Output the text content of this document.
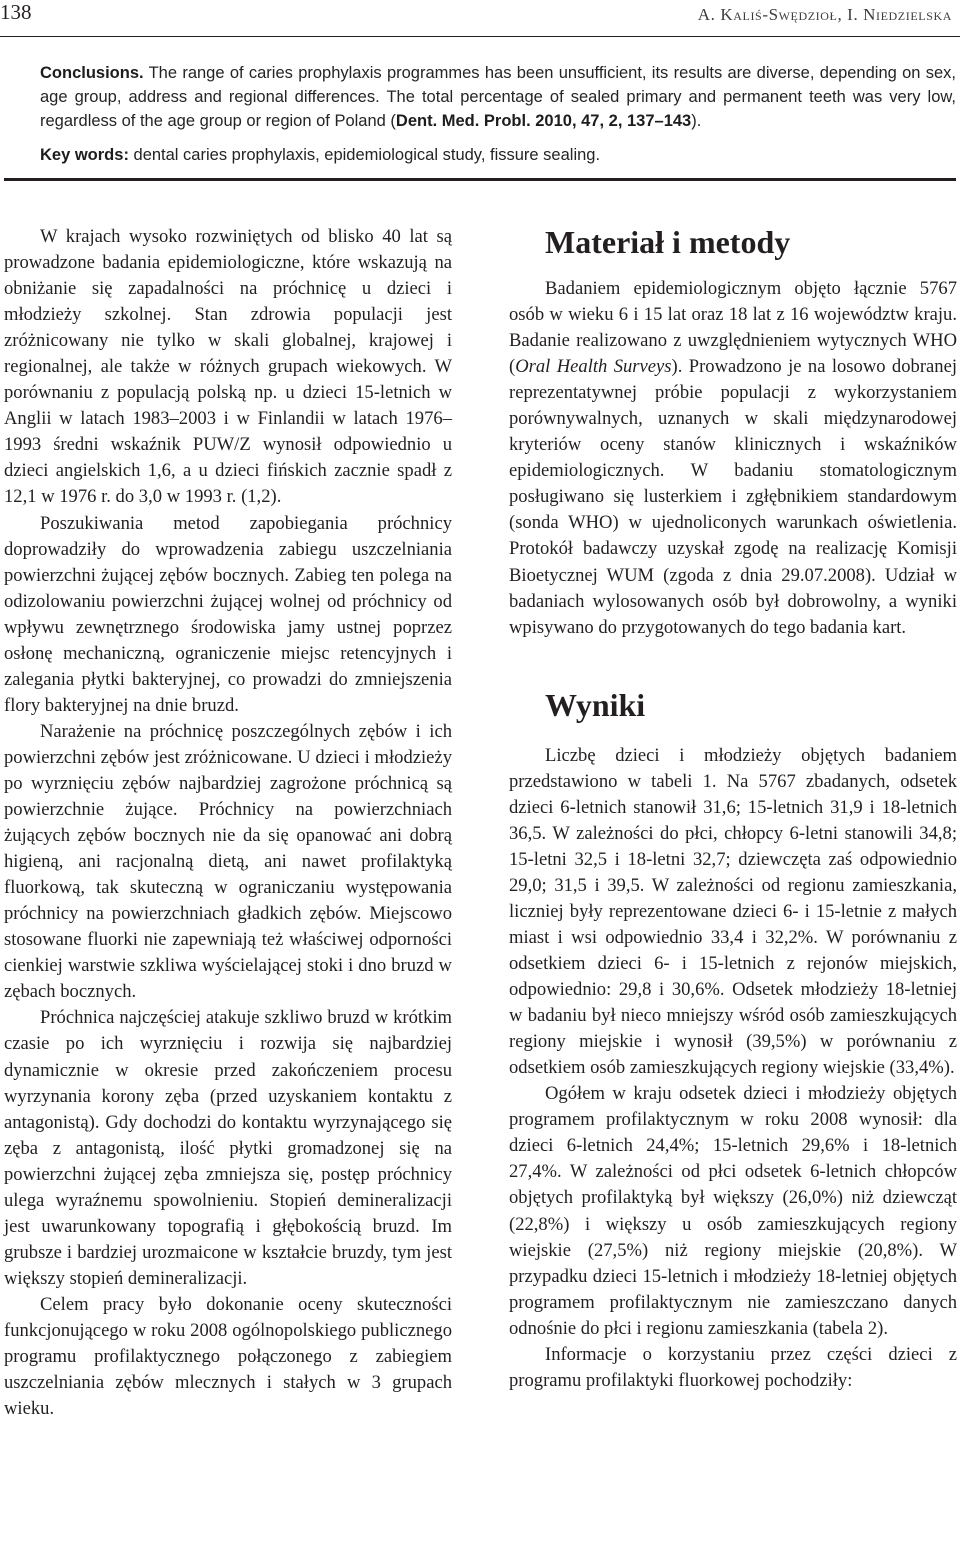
138	A. Kaliś-Swędzioł, I. Niedzielska

Conclusions. The range of caries prophylaxis programmes has been unsufficient, its results are diverse, depending on sex, age group, address and regional differences. The total percentage of sealed primary and permanent teeth was very low, regardless of the age group or region of Poland (Dent. Med. Probl. 2010, 47, 2, 137–143).

Key words: dental caries prophylaxis, epidemiological study, fissure sealing.

W krajach wysoko rozwiniętych od blisko 40 lat są prowadzone badania epidemiologiczne, które wskazują na obniżanie się zapadalności na próchnicę u dzieci i młodzieży szkolnej. Stan zdrowia populacji jest zróżnicowany nie tylko w skali globalnej, krajowej i regionalnej, ale także w różnych grupach wiekowych. W porównaniu z populacją polską np. u dzieci 15-letnich w Anglii w latach 1983–2003 i w Finlandii w latach 1976–1993 średni wskaźnik PUW/Z wynosił odpowiednio u dzieci angielskich 1,6, a u dzieci fińskich zacznie spadł z 12,1 w 1976 r. do 3,0 w 1993 r. (1,2).

Poszukiwania metod zapobiegania próchnicy doprowadziły do wprowadzenia zabiegu uszczelniania powierzchni żującej zębów bocznych. Zabieg ten polega na odizolowaniu powierzchni żującej wolnej od próchnicy od wpływu zewnętrznego środowiska jamy ustnej poprzez osłonę mechaniczną, ograniczenie miejsc retencyjnych i zalegania płytki bakteryjnej, co prowadzi do zmniejszenia flory bakteryjnej na dnie bruzd.

Narażenie na próchnicę poszczególnych zębów i ich powierzchni zębów jest zróżnicowane. U dzieci i młodzieży po wyrznięciu zębów najbardziej zagrożone próchnicą są powierzchnie żujące. Próchnicy na powierzchniach żujących zębów bocznych nie da się opanować ani dobrą higieną, ani racjonalną dietą, ani nawet profilaktyką fluorkową, tak skuteczną w ograniczaniu występowania próchnicy na powierzchniach gładkich zębów. Miejscowo stosowane fluorki nie zapewniają też właściwej odporności cienkiej warstwie szkliwa wyścielającej stoki i dno bruzd w zębach bocznych.

Próchnica najczęściej atakuje szkliwo bruzd w krótkim czasie po ich wyrznięciu i rozwija się najbardziej dynamicznie w okresie przed zakończeniem procesu wyrzynania korony zęba (przed uzyskaniem kontaktu z antagonistą). Gdy dochodzi do kontaktu wyrzynającego się zęba z antagonistą, ilość płytki gromadzonej się na powierzchni żującej zęba zmniejsza się, postęp próchnicy ulega wyraźnemu spowolnieniu. Stopień demineralizacji jest uwarunkowany topografią i głębokością bruzd. Im grubsze i bardziej urozmaicone w kształcie bruzdy, tym jest większy stopień demineralizacji.

Celem pracy było dokonanie oceny skuteczności funkcjonującego w roku 2008 ogólnopolskiego publicznego programu profilaktycznego połączonego z zabiegiem uszczelniania zębów mlecznych i stałych w 3 grupach wieku.

Materiał i metody

Badaniem epidemiologicznym objęto łącznie 5767 osób w wieku 6 i 15 lat oraz 18 lat z 16 województw kraju. Badanie realizowano z uwzględnieniem wytycznych WHO (Oral Health Surveys). Prowadzono je na losowo dobranej reprezentatywnej próbie populacji z wykorzystaniem porównywalnych, uznanych w skali międzynarodowej kryteriów oceny stanów klinicznych i wskaźników epidemiologicznych. W badaniu stomatologicznym posługiwano się lusterkiem i zgłębnikiem standardowym (sonda WHO) w ujednoliconych warunkach oświetlenia. Protokół badawczy uzyskał zgodę na realizację Komisji Bioetycznej WUM (zgoda z dnia 29.07.2008). Udział w badaniach wylosowanych osób był dobrowolny, a wyniki wpisywano do przygotowanych do tego badania kart.

Wyniki

Liczbę dzieci i młodzieży objętych badaniem przedstawiono w tabeli 1. Na 5767 zbadanych, odsetek dzieci 6-letnich stanowił 31,6; 15-letnich 31,9 i 18-letnich 36,5. W zależności do płci, chłopcy 6-letni stanowili 34,8; 15-letni 32,5 i 18-letni 32,7; dziewczęta zaś odpowiednio 29,0; 31,5 i 39,5. W zależności od regionu zamieszkania, liczniej były reprezentowane dzieci 6- i 15-letnie z małych miast i wsi odpowiednio 33,4 i 32,2%. W porównaniu z odsetkiem dzieci 6- i 15-letnich z rejonów miejskich, odpowiednio: 29,8 i 30,6%. Odsetek młodzieży 18-letniej w badaniu był nieco mniejszy wśród osób zamieszkujących regiony miejskie i wynosił (39,5%) w porównaniu z odsetkiem osób zamieszkujących regiony wiejskie (33,4%).

Ogółem w kraju odsetek dzieci i młodzieży objętych programem profilaktycznym w roku 2008 wynosił: dla dzieci 6-letnich 24,4%; 15-letnich 29,6% i 18-letnich 27,4%. W zależności od płci odsetek 6-letnich chłopców objętych profilaktyką był większy (26,0%) niż dziewcząt (22,8%) i większy u osób zamieszkujących regiony wiejskie (27,5%) niż regiony miejskie (20,8%). W przypadku dzieci 15-letnich i młodzieży 18-letniej objętych programem profilaktycznym nie zamieszczano danych odnośnie do płci i regionu zamieszkania (tabela 2).

Informacje o korzystaniu przez części dzieci z programu profilaktyki fluorkowej pochodziły:
